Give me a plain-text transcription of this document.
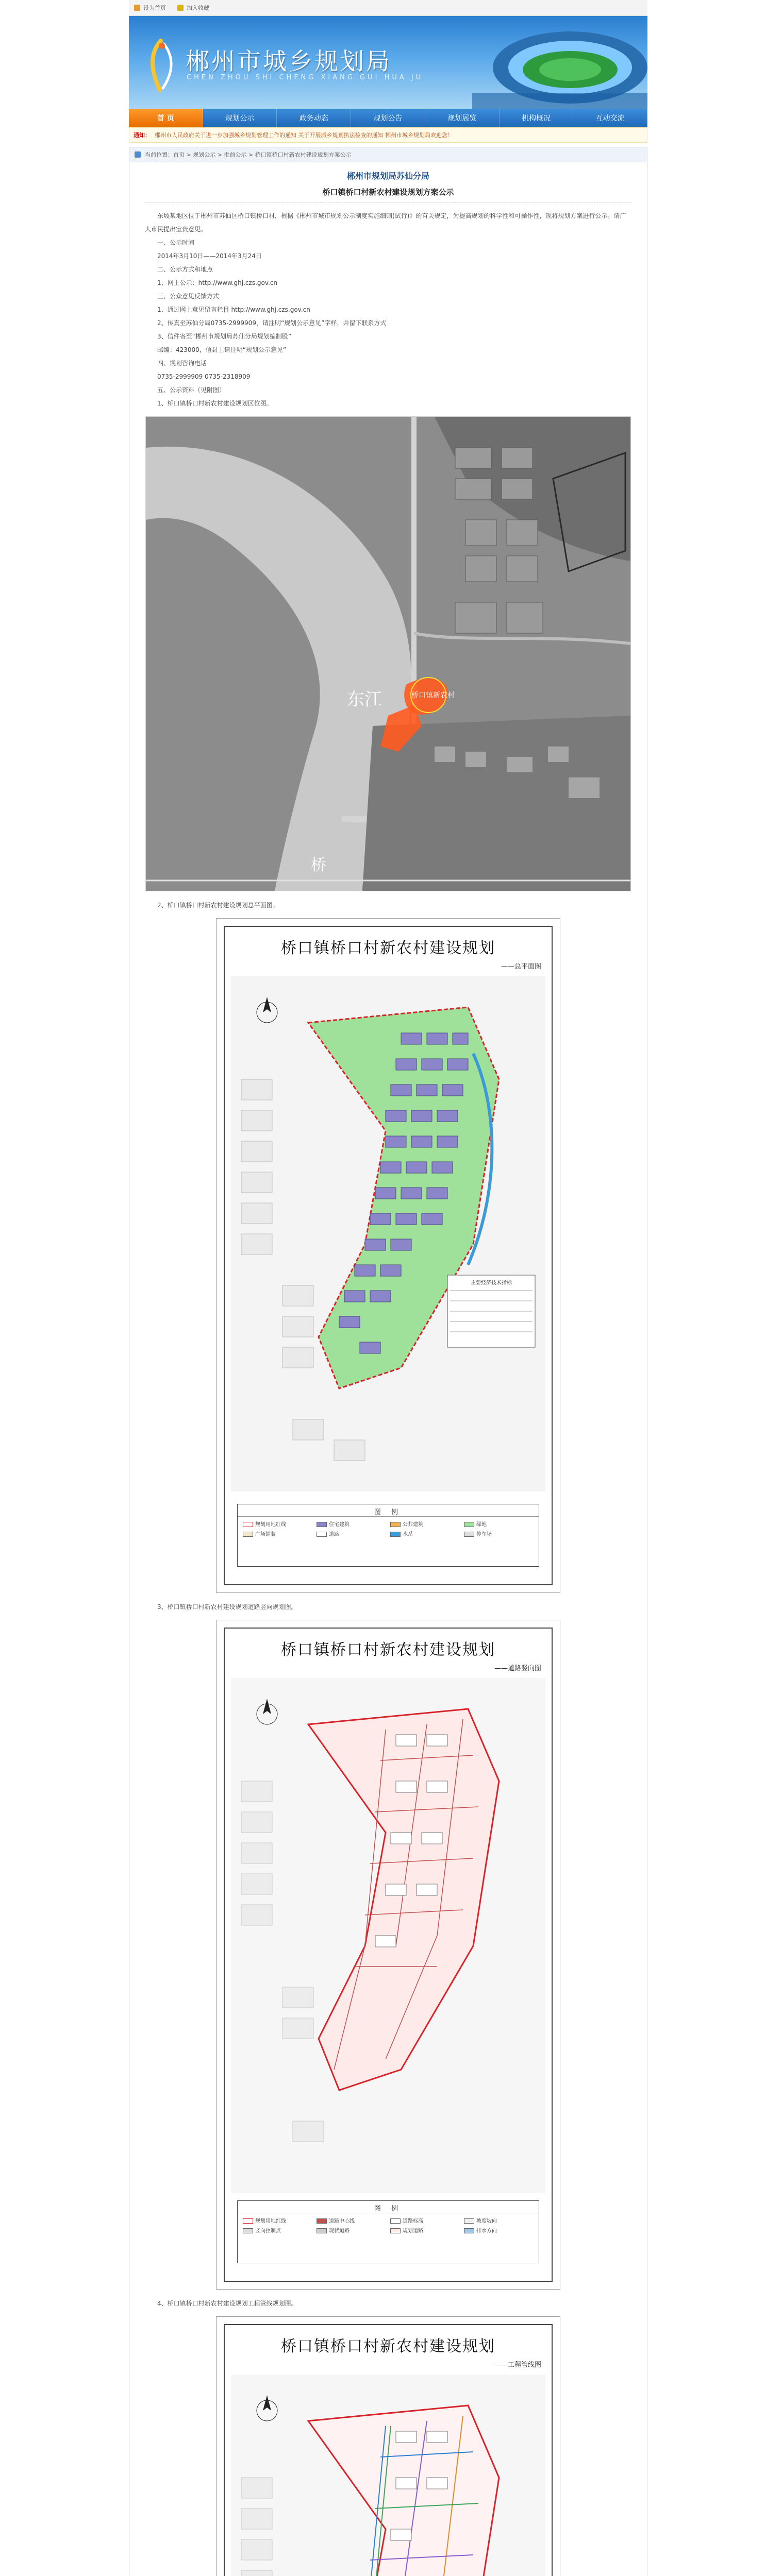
设为首页	加入收藏
郴州市城乡规划局
CHEN ZHOU SHI CHENG XIANG GUI HUA JU
首 页	规划公示	政务动态	规划公告	规划展览	机构概况	互动交流
通知： 郴州市人民政府关于进一步加强城乡规划管理工作的通知 关于开展城乡规划执法检查的通知 郴州市城乡规划局欢迎您！
当前位置： 首页 > 规划公示 > 批前公示 > 桥口镇桥口村新农村建设规划方案公示
郴州市规划局苏仙分局
桥口镇桥口村新农村建设规划方案公示

东坡某地区位于郴州市苏仙区桥口镇桥口村，根据《郴州市城市规划公示制度实施细则(试行)》的有关规定，为提高规划的科学性和可操作性，现将规划方案进行公示。请广大市民提出宝贵意见。

一、公示时间

2014年3月10日——2014年3月24日

二、公示方式和地点

1、网上公示：http://www.ghj.czs.gov.cn

三、公众意见反馈方式

1、通过网上意见留言栏目 http://www.ghj.czs.gov.cn

2、传真至苏仙分局0735-2999909，请注明“规划公示意见”字样，并留下联系方式

3、信件寄至“郴州市规划局苏仙分局规划编制股”

邮编：423000，信封上请注明“规划公示意见”

四、规划咨询电话

0735-2999909 0735-2318909

五、公示资料（见附图）

1、桥口镇桥口村新农村建设规划区位图。

桥口镇新农村
东江
桥

2、桥口镇桥口村新农村建设规划总平面图。

桥口镇桥口村新农村建设规划
——总平面图
主要经济技术指标
图 例
规划用地红线	住宅建筑	公共建筑	绿地
广场铺装	道路	水系	停车场

3、桥口镇桥口村新农村建设规划道路竖向规划图。

桥口镇桥口村新农村建设规划
——道路竖向图
图 例
规划用地红线	道路中心线	道路标高	坡度坡向
竖向控制点	现状道路	规划道路	排水方向

4、桥口镇桥口村新农村建设规划工程管线规划图。

桥口镇桥口村新农村建设规划
——工程管线图
